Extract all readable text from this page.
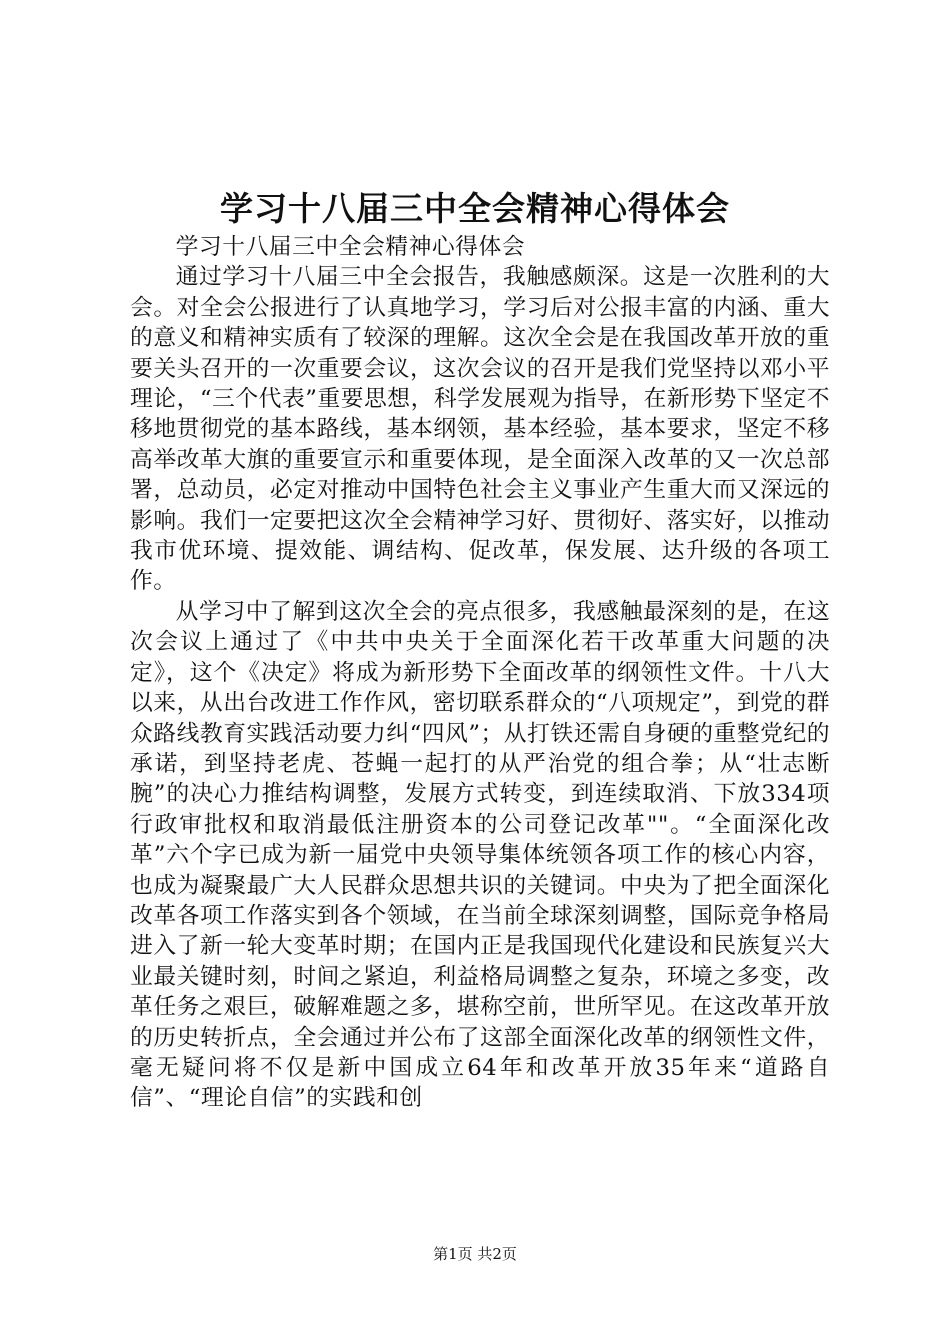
学习十八届三中全会精神心得体会

学习十八届三中全会精神心得体会

通过学习十八届三中全会报告，我触感颇深。这是一次胜利的大会。对全会公报进行了认真地学习，学习后对公报丰富的内涵、重大的意义和精神实质有了较深的理解。这次全会是在我国改革开放的重要关头召开的一次重要会议，这次会议的召开是我们党坚持以邓小平理论，“三个代表”重要思想，科学发展观为指导，在新形势下坚定不移地贯彻党的基本路线，基本纲领，基本经验，基本要求，坚定不移高举改革大旗的重要宣示和重要体现，是全面深入改革的又一次总部署，总动员，必定对推动中国特色社会主义事业产生重大而又深远的影响。我们一定要把这次全会精神学习好、贯彻好、落实好，以推动我市优环境、提效能、调结构、促改革，保发展、达升级的各项工作。

从学习中了解到这次全会的亮点很多，我感触最深刻的是，在这次会议上通过了《中共中央关于全面深化若干改革重大问题的决定》，这个《决定》将成为新形势下全面改革的纲领性文件。十八大以来，从出台改进工作作风，密切联系群众的“八项规定”，到党的群众路线教育实践活动要力纠“四风”；从打铁还需自身硬的重整党纪的承诺，到坚持老虎、苍蝇一起打的从严治党的组合拳；从“壮志断腕”的决心力推结构调整，发展方式转变，到连续取消、下放334项行政审批权和取消最低注册资本的公司登记改革""。“全面深化改革”六个字已成为新一届党中央领导集体统领各项工作的核心内容，也成为凝聚最广大人民群众思想共识的关键词。中央为了把全面深化改革各项工作落实到各个领域，在当前全球深刻调整，国际竞争格局进入了新一轮大变革时期；在国内正是我国现代化建设和民族复兴大业最关键时刻，时间之紧迫，利益格局调整之复杂，环境之多变，改革任务之艰巨，破解难题之多，堪称空前，世所罕见。在这改革开放的历史转折点，全会通过并公布了这部全面深化改革的纲领性文件，毫无疑问将不仅是新中国成立64年和改革开放35年来“道路自信”、“理论自信”的实践和创

第1页 共2页
